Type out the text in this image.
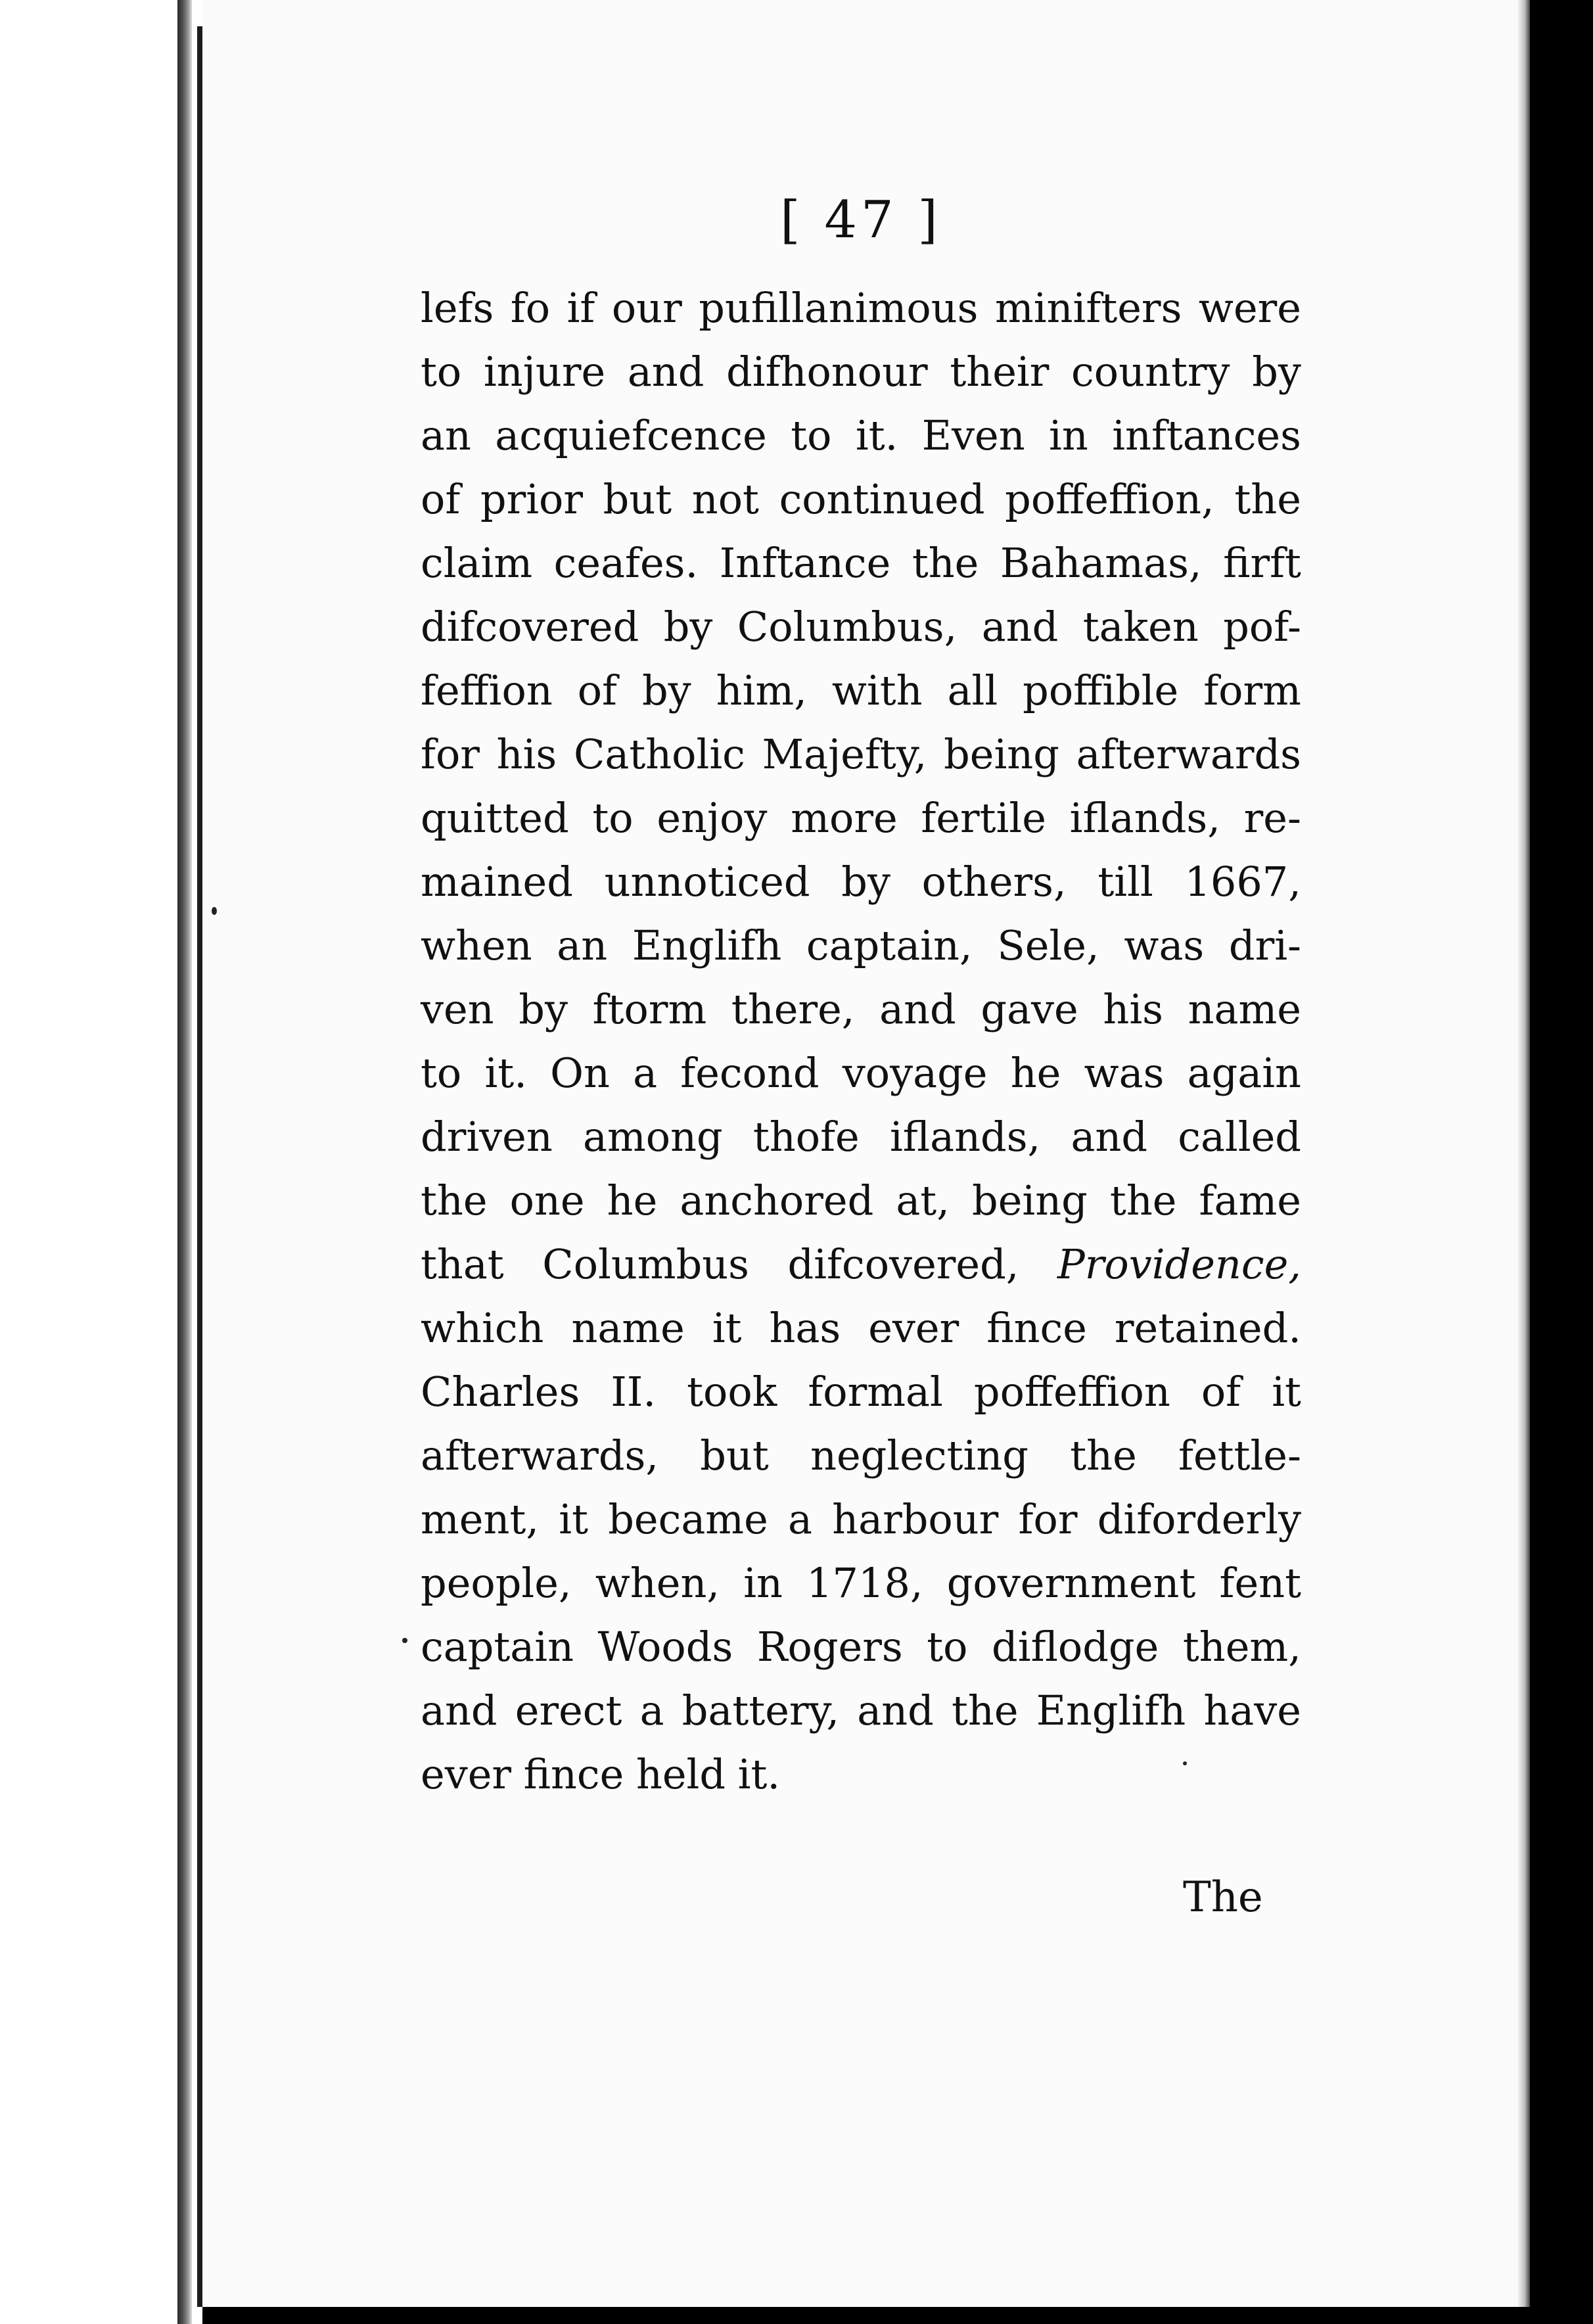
[ 47 ]
lefs fo if our pufillanimous minifters were
to injure and difhonour their country by
an acquiefcence to it. Even in inftances
of prior but not continued poffeffion, the
claim ceafes. Inftance the Bahamas, firft
difcovered by Columbus, and taken pof-
feffion of by him, with all poffible form
for his Catholic Majefty, being afterwards
quitted to enjoy more fertile iflands, re-
mained unnoticed by others, till 1667,
when an Englifh captain, Sele, was dri-
ven by ftorm there, and gave his name
to it. On a fecond voyage he was again
driven among thofe iflands, and called
the one he anchored at, being the fame
that Columbus difcovered, Providence,
which name it has ever fince retained.
Charles II. took formal poffeffion of it
afterwards, but neglecting the fettle-
ment, it became a harbour for diforderly
people, when, in 1718, government fent
captain Woods Rogers to diflodge them,
and erect a battery, and the Englifh have
ever fince held it.
The
